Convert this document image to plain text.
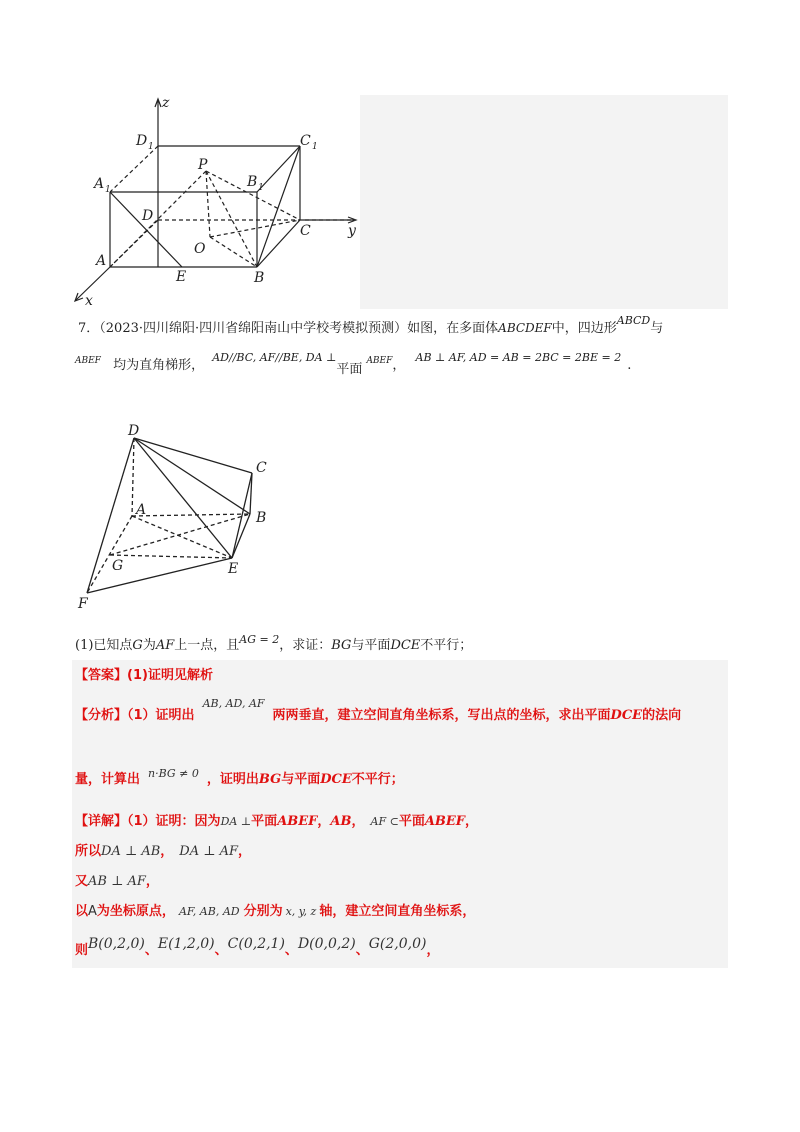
z
y
x
D 1	C 1
P
A 1	B 1
D
O
C
A
E	B
7．（2023·四川绵阳·四川省绵阳南山中学校考模拟预测）如图，在多面体ABCDEF中，四边形$^{ABCD}$与
$^{ABEF}$ 均为直角梯形， $^{AD//BC, AF//BE, DA \perp}$平面$^{ABEF}$， $^{AB \perp AF, AD = AB = 2BC = 2BE = 2}$.
D
C
A	B
G	E
F
(1)已知点G为AF上一点，且$^{AG = 2}$，求证：BG与平面DCE不平行；
【答案】(1)证明见解析
【分析】（1）证明出$^{AB, AD, AF}$两两垂直，建立空间直角坐标系，写出点的坐标，求出平面DCE的法向
量，计算出 $^{n\cdot BG \ne 0}$ ，证明出BG与平面DCE不平行；
【详解】（1）证明：因为DA ⊥平面ABEF，AB， AF ⊂平面ABEF，
所以DA ⊥ AB， DA ⊥ AF，
又AB ⊥ AF，
以A为坐标原点， AF, AB, AD 分别为 x, y, z 轴，建立空间直角坐标系，
则B(0,2,0)、E(1,2,0)、C(0,2,1)、D(0,0,2)、G(2,0,0)，
